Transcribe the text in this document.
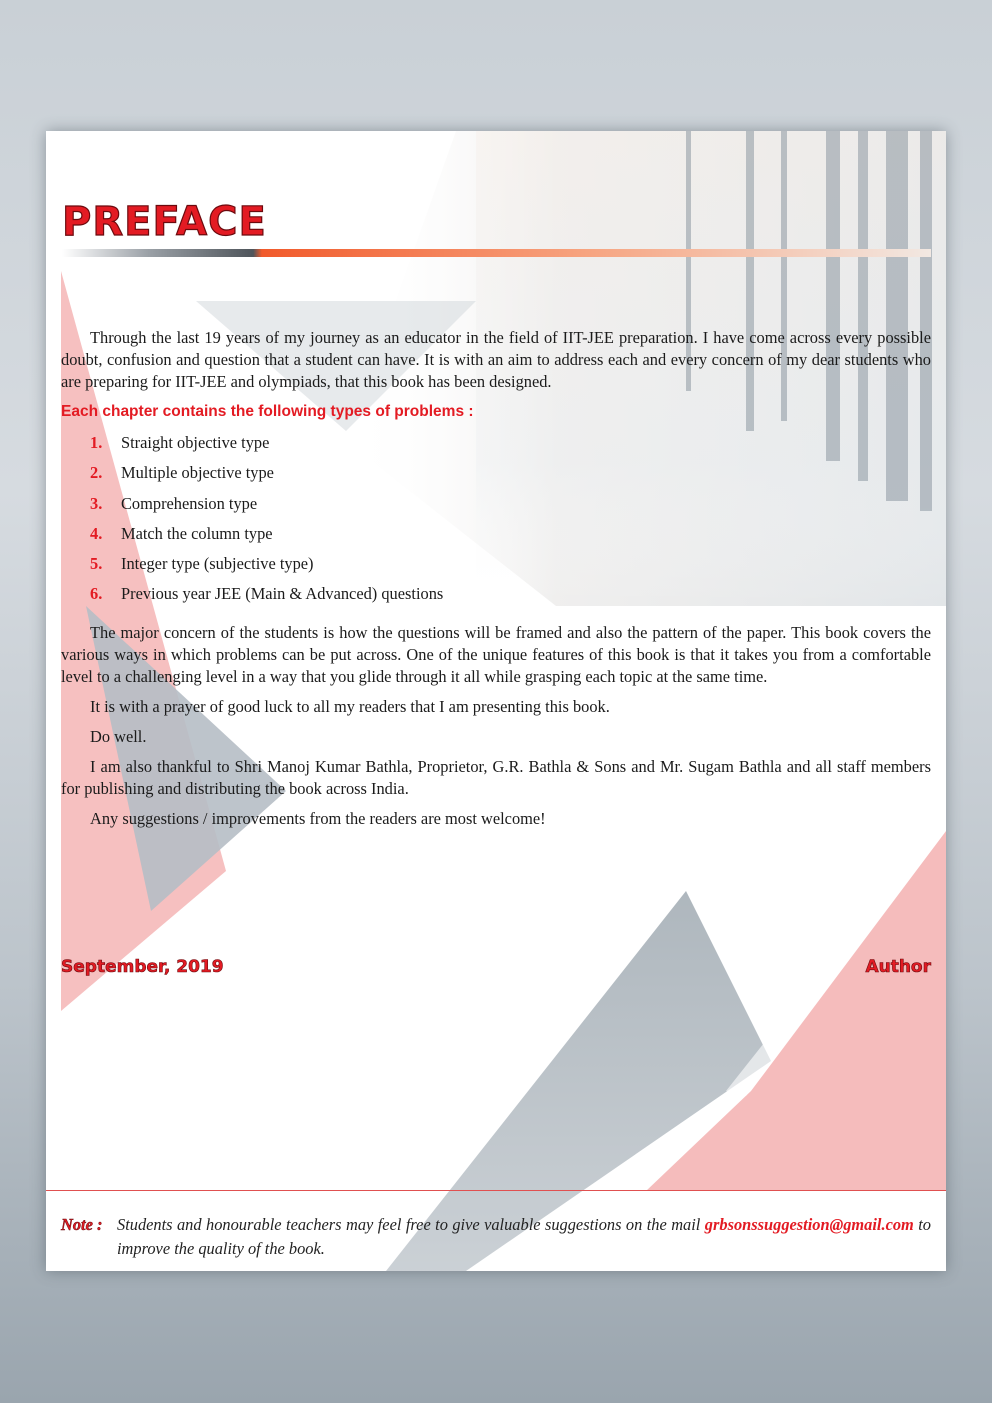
PREFACE

Through the last 19 years of my journey as an educator in the field of IIT-JEE preparation. I have come across every possible doubt, confusion and question that a student can have. It is with an aim to address each and every concern of my dear students who are preparing for IIT-JEE and olympiads, that this book has been designed.

Each chapter contains the following types of problems :
1. Straight objective type
2. Multiple objective type
3. Comprehension type
4. Match the column type
5. Integer type (subjective type)
6. Previous year JEE (Main & Advanced) questions

The major concern of the students is how the questions will be framed and also the pattern of the paper. This book covers the various ways in which problems can be put across. One of the unique features of this book is that it takes you from a comfortable level to a challenging level in a way that you glide through it all while grasping each topic at the same time.

It is with a prayer of good luck to all my readers that I am presenting this book.

Do well.

I am also thankful to Shri Manoj Kumar Bathla, Proprietor, G.R. Bathla & Sons and Mr. Sugam Bathla and all staff members for publishing and distributing the book across India.

Any suggestions / improvements from the readers are most welcome!

September, 2019	Author
Note : Students and honourable teachers may feel free to give valuable suggestions on the mail grbsonssuggestion@gmail.com to improve the quality of the book.
